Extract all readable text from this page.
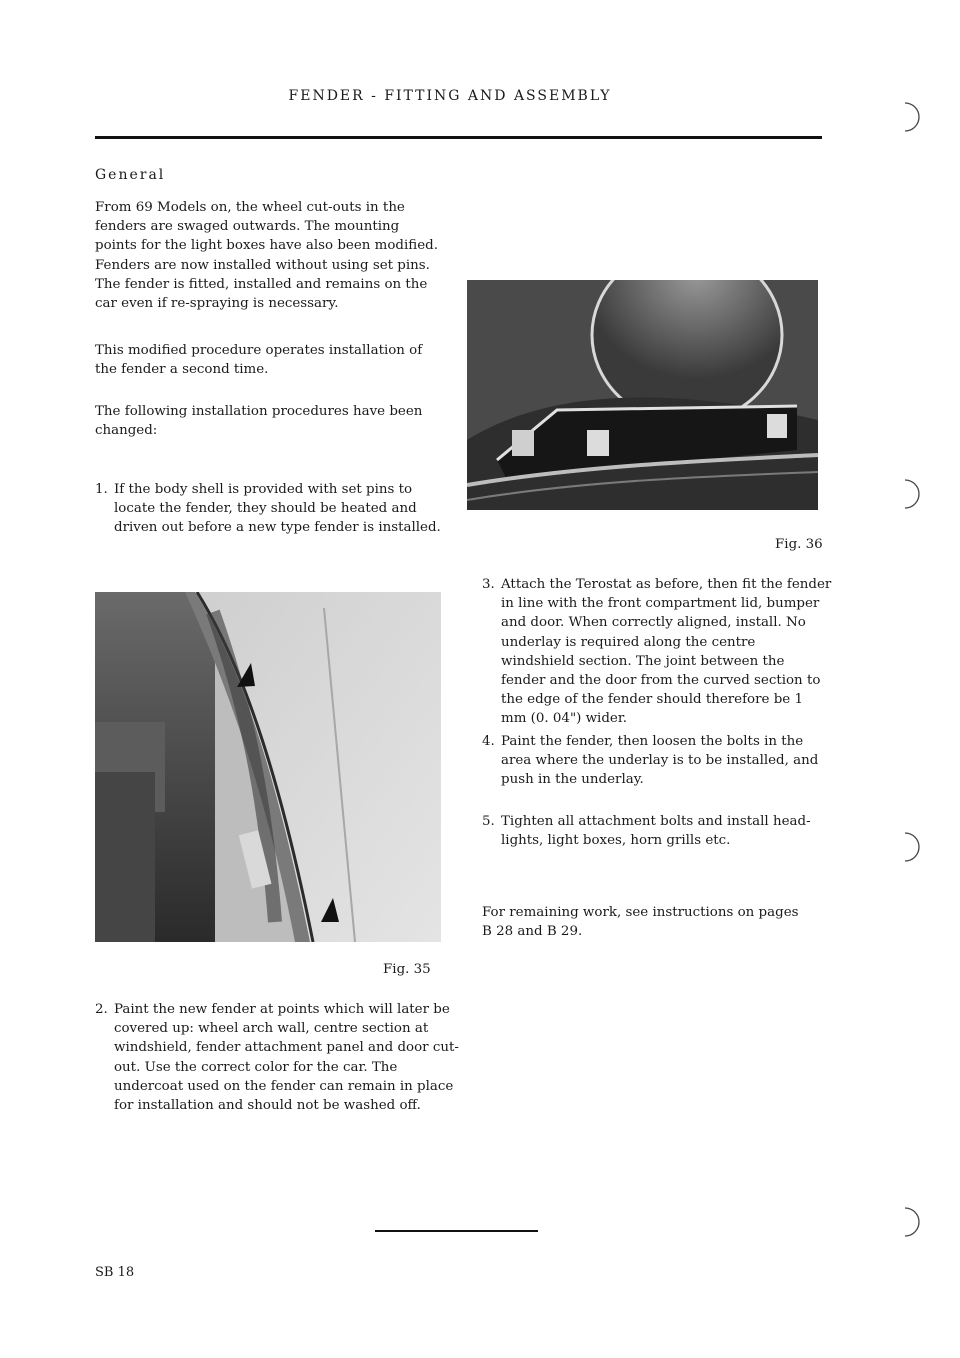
FENDER - FITTING AND ASSEMBLY
General
From 69 Models on, the wheel cut-outs in the fenders are swaged outwards. The mounting points for the light boxes have also been modified. Fenders are now installed without using set pins. The fender is fitted, installed and remains on the car even if re-spraying is necessary.
This modified procedure operates installation of the fender a second time.
The following installation procedures have been changed:
1. If the body shell is provided with set pins to locate the fender, they should be heated and driven out before a new type fender is installed.
Fig. 35
2. Paint the new fender at points which will later be covered up: wheel arch wall, centre section at windshield, fender attachment panel and door cut-out. Use the correct color for the car. The undercoat used on the fender can remain in place for installation and should not be washed off.
Fig. 36
3. Attach the Terostat as before, then fit the fender in line with the front compartment lid, bumper and door. When correctly aligned, install. No underlay is required along the centre windshield section. The joint between the fender and the door from the curved section to the edge of the fender should therefore be 1 mm (0. 04") wider.
4. Paint the fender, then loosen the bolts in the area where the underlay is to be installed, and push in the underlay.
5. Tighten all attachment bolts and install head-lights, light boxes, horn grills etc.
For remaining work, see instructions on pages B 28 and B 29.
SB 18
